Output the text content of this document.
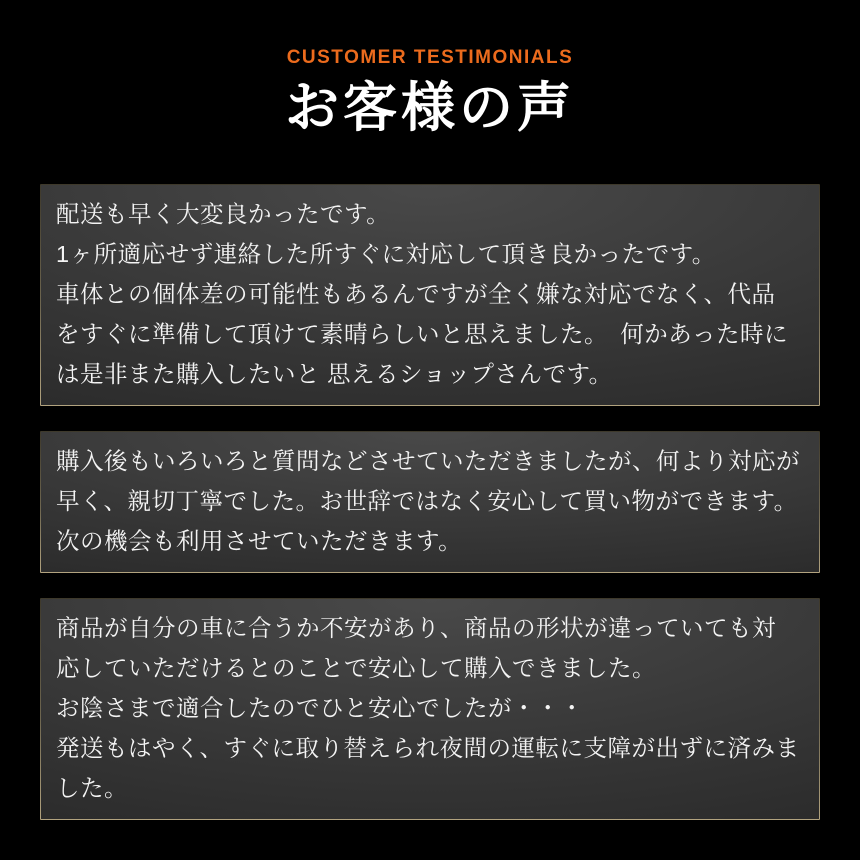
CUSTOMER TESTIMONIALS
お客様の声
配送も早く大変良かったです。
1ヶ所適応せず連絡した所すぐに対応して頂き良かったです。
車体との個体差の可能性もあるんですが全く嫌な対応でなく、代品
をすぐに準備して頂けて素晴らしいと思えました。　何かあった時に
は是非また購入したいと 思えるショップさんです。
購入後もいろいろと質問などさせていただきましたが、何より対応が
早く、親切丁寧でした。お世辞ではなく安心して買い物ができます。
次の機会も利用させていただきます。
商品が自分の車に合うか不安があり、商品の形状が違っていても対
応していただけるとのことで安心して購入できました。
お陰さまで適合したのでひと安心でしたが・・・
発送もはやく、すぐに取り替えられ夜間の運転に支障が出ずに済みま
した。
